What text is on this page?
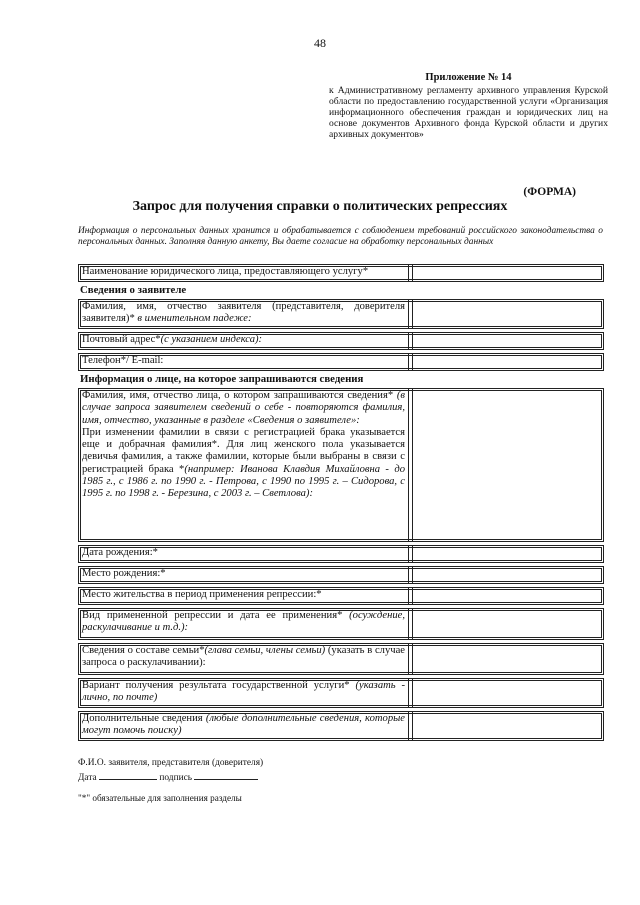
48

Приложение № 14

к Административному регламенту архивного управления Курской области по предоставлению государственной услуги «Организация информационного обеспечения граждан и юридических лиц на основе документов Архивного фонда Курской области и других архивных документов»

(ФОРМА)
Запрос для получения справки о политических репрессиях
Информация о персональных данных хранится и обрабатывается с соблюдением требований российского законодательства о персональных данных. Заполняя данную анкету, Вы даете согласие на обработку персональных данных
Наименование юридического лица, предоставляющего услугу*
Сведения о заявителе
Фамилия, имя, отчество заявителя (представителя, доверителя заявителя)* в именительном падеже:
Почтовый адрес*(с указанием индекса):
Телефон*/ E-mail:
Информация о лице, на которое запрашиваются сведения
Фамилия, имя, отчество лица, о котором запрашиваются сведения* (в случае запроса заявителем сведений о себе - повторяются фамилия, имя, отчество, указанные в разделе «Сведения о заявителе»:
При изменении фамилии в связи с регистрацией брака указывается еще и добрачная фамилия*. Для лиц женского пола указывается девичья фамилия, а также фамилии, которые были выбраны в связи с регистрацией брака *(например: Иванова Клавдия Михайловна - до 1985 г., с 1986 г. по 1990 г. - Петрова, с 1990 по 1995 г. – Сидорова, с 1995 г. по 1998 г. - Березина, с 2003 г. – Светлова):
Дата рождения:*
Место рождения:*
Место жительства в период применения репрессии:*
Вид примененной репрессии и дата ее применения* (осуждение, раскулачивание и т.д.):
Сведения о составе семьи*(глава семьи, члены семьи) (указать в случае запроса о раскулачивании):
Вариант получения результата государственной услуги* (указать - лично, по почте)
Дополнительные сведения (любые дополнительные сведения, которые могут помочь поиску)
Ф.И.О. заявителя, представителя (доверителя)
Дата	подпись
"*" обязательные для заполнения разделы
